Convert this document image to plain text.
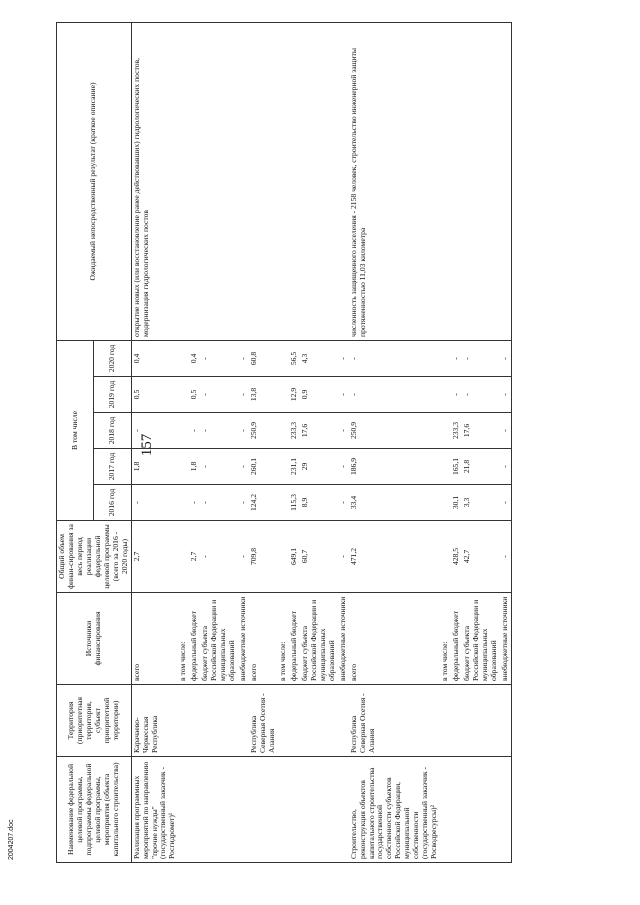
157
Наименование федеральной целевой программы, подпрограммы федеральной целевой программы, мероприятия (объекта капитального строительства)	Территория (приоритетная территория, субъект приоритетной территории)	Источники финансирования	Общий объем финан-сирования за весь период реализации федеральной целевой программы (всего за 2016 - 2020 годы)	В том числе					Ожидаемый непосредственный результат (краткое описание)
				2016 год	2017 год	2018 год	2019 год	2020 год	
Реализация программных мероприятий по направлению "прочие нужды" (государственный заказчик - Росгидромет)¹	Карачаево-Черкесская Республика	всего	2,7	-	1,8	-	0,5	0,4	открытие новых (или восстановление ранее действовавших) гидрологических постов, модернизация гидрологических постов
		в том числе:							
		федеральный бюджет	2,7	-	1,8	-	0,5	0,4	
		бюджет субъекта Российской Федерации и муниципальных образований	-	-	-	-	-	-	
		внебюджетные источники	-	-	-	-	-	-	
	Республика Северная Осетия - Алания	всего	709,8	124,2	260,1	250,9	13,8	60,8	
		в том числе:							
		федеральный бюджет	649,1	115,3	231,1	233,3	12,9	56,5	
		бюджет субъекта Российской Федерации и муниципальных образований	60,7	8,9	29	17,6	0,9	4,3	
		внебюджетные источники	-	-	-	-	-	-	
Строительство, реконструкция объектов капитального строительства государственной собственности субъектов Российской Федерации, муниципальной собственности (государственный заказчик - Росводресурсы)²	Республика Северная Осетия - Алания	всего	471,2	33,4	186,9	250,9	-	-	численность защищенного населения - 2158 человек, строительство инженерной защиты протяженностью 11,03 километра
		в том числе:							
		федеральный бюджет	428,5	30,1	165,1	233,3	-	-	
		бюджет субъекта Российской Федерации и муниципальных образований	42,7	3,3	21,8	17,6	-	-	
		внебюджетные источники	-	-	-	-	-	-	
2004207.doc
